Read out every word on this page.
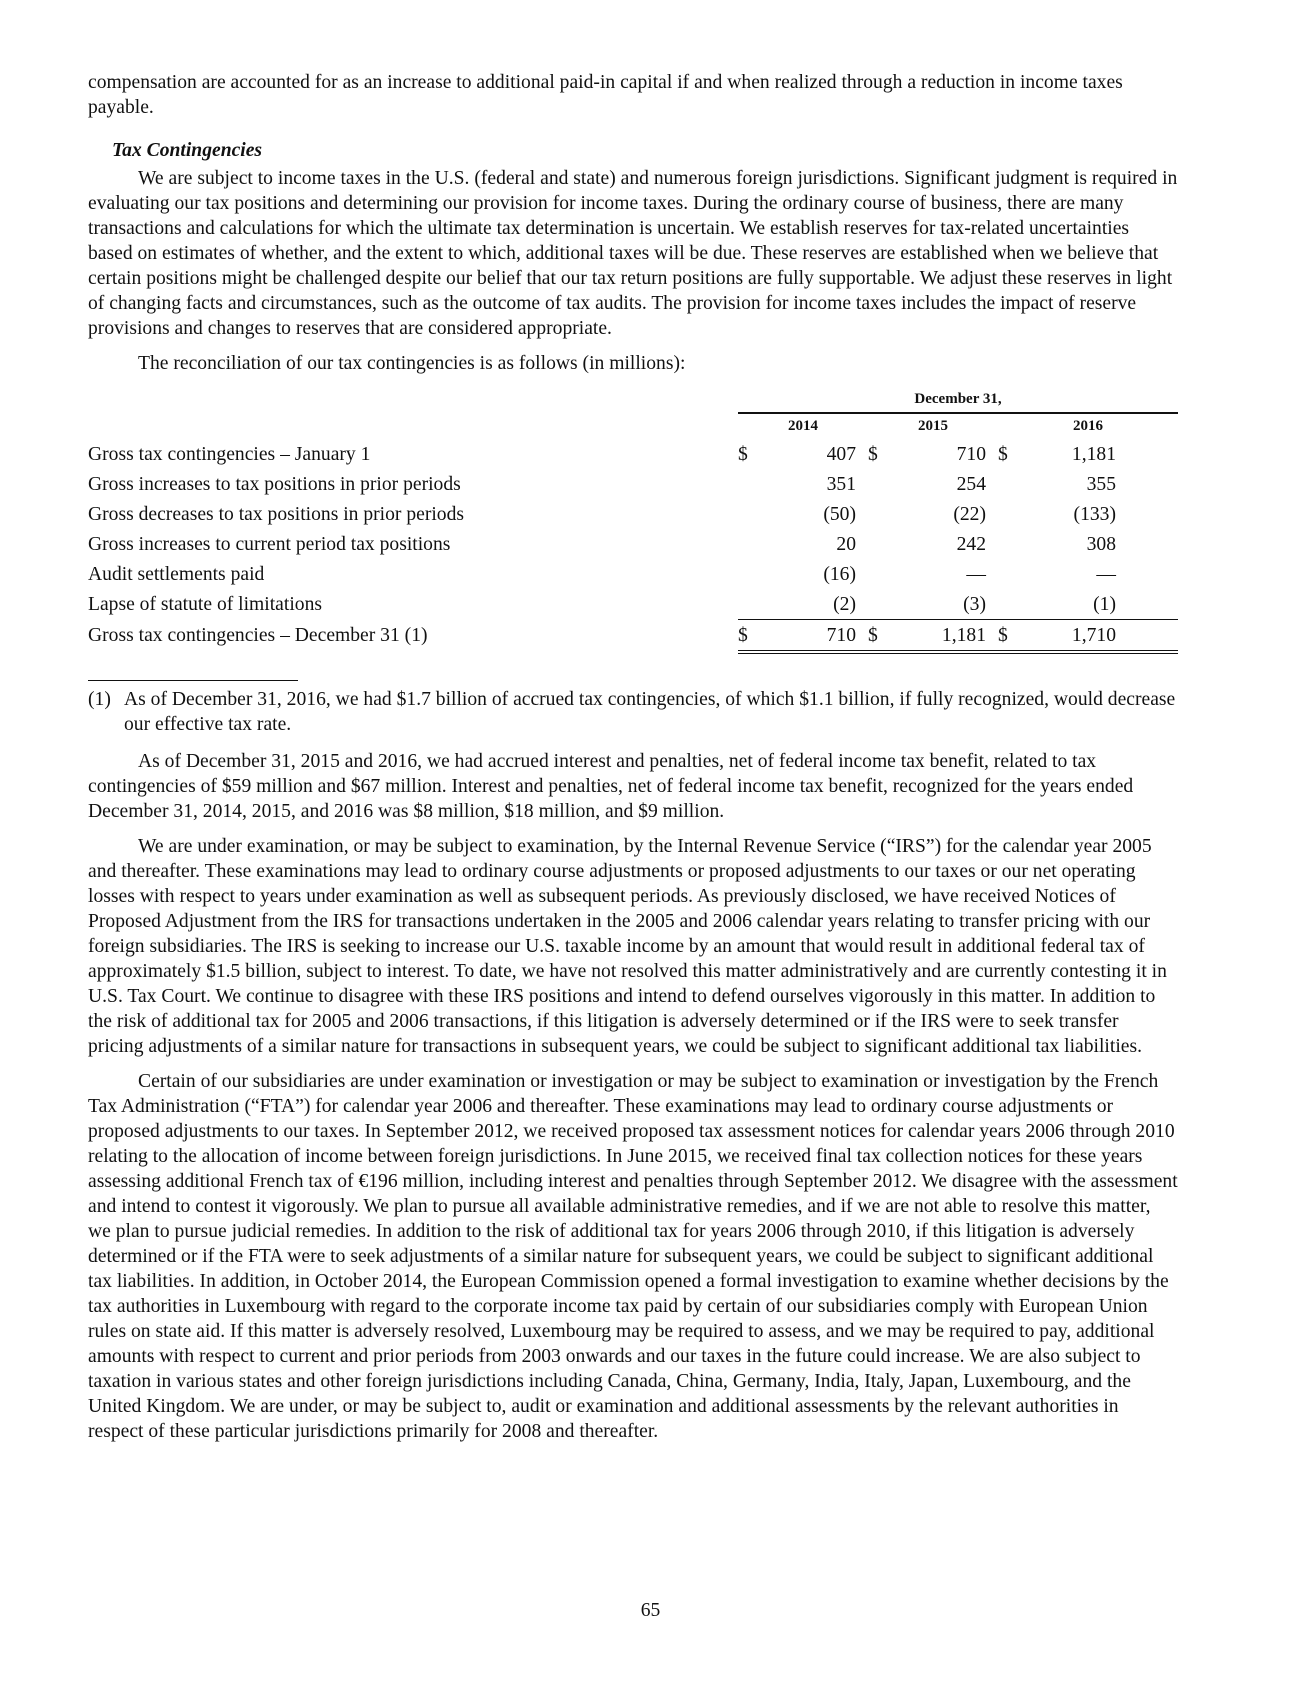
compensation are accounted for as an increase to additional paid-in capital if and when realized through a reduction in income taxes payable.

Tax Contingencies

We are subject to income taxes in the U.S. (federal and state) and numerous foreign jurisdictions. Significant judgment is required in evaluating our tax positions and determining our provision for income taxes. During the ordinary course of business, there are many transactions and calculations for which the ultimate tax determination is uncertain. We establish reserves for tax-related uncertainties based on estimates of whether, and the extent to which, additional taxes will be due. These reserves are established when we believe that certain positions might be challenged despite our belief that our tax return positions are fully supportable. We adjust these reserves in light of changing facts and circumstances, such as the outcome of tax audits. The provision for income taxes includes the impact of reserve provisions and changes to reserves that are considered appropriate.

The reconciliation of our tax contingencies is as follows (in millions):

	December 31,								
	2014			2015			2016		
Gross tax contingencies – January 1	$	407		$	710		$	1,181	
Gross increases to tax positions in prior periods		351			254			355	
Gross decreases to tax positions in prior periods		(50)			(22)			(133)	
Gross increases to current period tax positions		20			242			308	
Audit settlements paid		(16)			—			—	
Lapse of statute of limitations		(2)			(3)			(1)	
Gross tax contingencies – December 31 (1)	$	710		$	1,181		$	1,710	
(1) As of December 31, 2016, we had $1.7 billion of accrued tax contingencies, of which $1.1 billion, if fully recognized, would decrease our effective tax rate.

As of December 31, 2015 and 2016, we had accrued interest and penalties, net of federal income tax benefit, related to tax contingencies of $59 million and $67 million. Interest and penalties, net of federal income tax benefit, recognized for the years ended December 31, 2014, 2015, and 2016 was $8 million, $18 million, and $9 million.

We are under examination, or may be subject to examination, by the Internal Revenue Service (“IRS”) for the calendar year 2005 and thereafter. These examinations may lead to ordinary course adjustments or proposed adjustments to our taxes or our net operating losses with respect to years under examination as well as subsequent periods. As previously disclosed, we have received Notices of Proposed Adjustment from the IRS for transactions undertaken in the 2005 and 2006 calendar years relating to transfer pricing with our foreign subsidiaries. The IRS is seeking to increase our U.S. taxable income by an amount that would result in additional federal tax of approximately $1.5 billion, subject to interest. To date, we have not resolved this matter administratively and are currently contesting it in U.S. Tax Court. We continue to disagree with these IRS positions and intend to defend ourselves vigorously in this matter. In addition to the risk of additional tax for 2005 and 2006 transactions, if this litigation is adversely determined or if the IRS were to seek transfer pricing adjustments of a similar nature for transactions in subsequent years, we could be subject to significant additional tax liabilities.

Certain of our subsidiaries are under examination or investigation or may be subject to examination or investigation by the French Tax Administration (“FTA”) for calendar year 2006 and thereafter. These examinations may lead to ordinary course adjustments or proposed adjustments to our taxes. In September 2012, we received proposed tax assessment notices for calendar years 2006 through 2010 relating to the allocation of income between foreign jurisdictions. In June 2015, we received final tax collection notices for these years assessing additional French tax of €196 million, including interest and penalties through September 2012. We disagree with the assessment and intend to contest it vigorously. We plan to pursue all available administrative remedies, and if we are not able to resolve this matter, we plan to pursue judicial remedies. In addition to the risk of additional tax for years 2006 through 2010, if this litigation is adversely determined or if the FTA were to seek adjustments of a similar nature for subsequent years, we could be subject to significant additional tax liabilities. In addition, in October 2014, the European Commission opened a formal investigation to examine whether decisions by the tax authorities in Luxembourg with regard to the corporate income tax paid by certain of our subsidiaries comply with European Union rules on state aid. If this matter is adversely resolved, Luxembourg may be required to assess, and we may be required to pay, additional amounts with respect to current and prior periods from 2003 onwards and our taxes in the future could increase. We are also subject to taxation in various states and other foreign jurisdictions including Canada, China, Germany, India, Italy, Japan, Luxembourg, and the United Kingdom. We are under, or may be subject to, audit or examination and additional assessments by the relevant authorities in respect of these particular jurisdictions primarily for 2008 and thereafter.

65
